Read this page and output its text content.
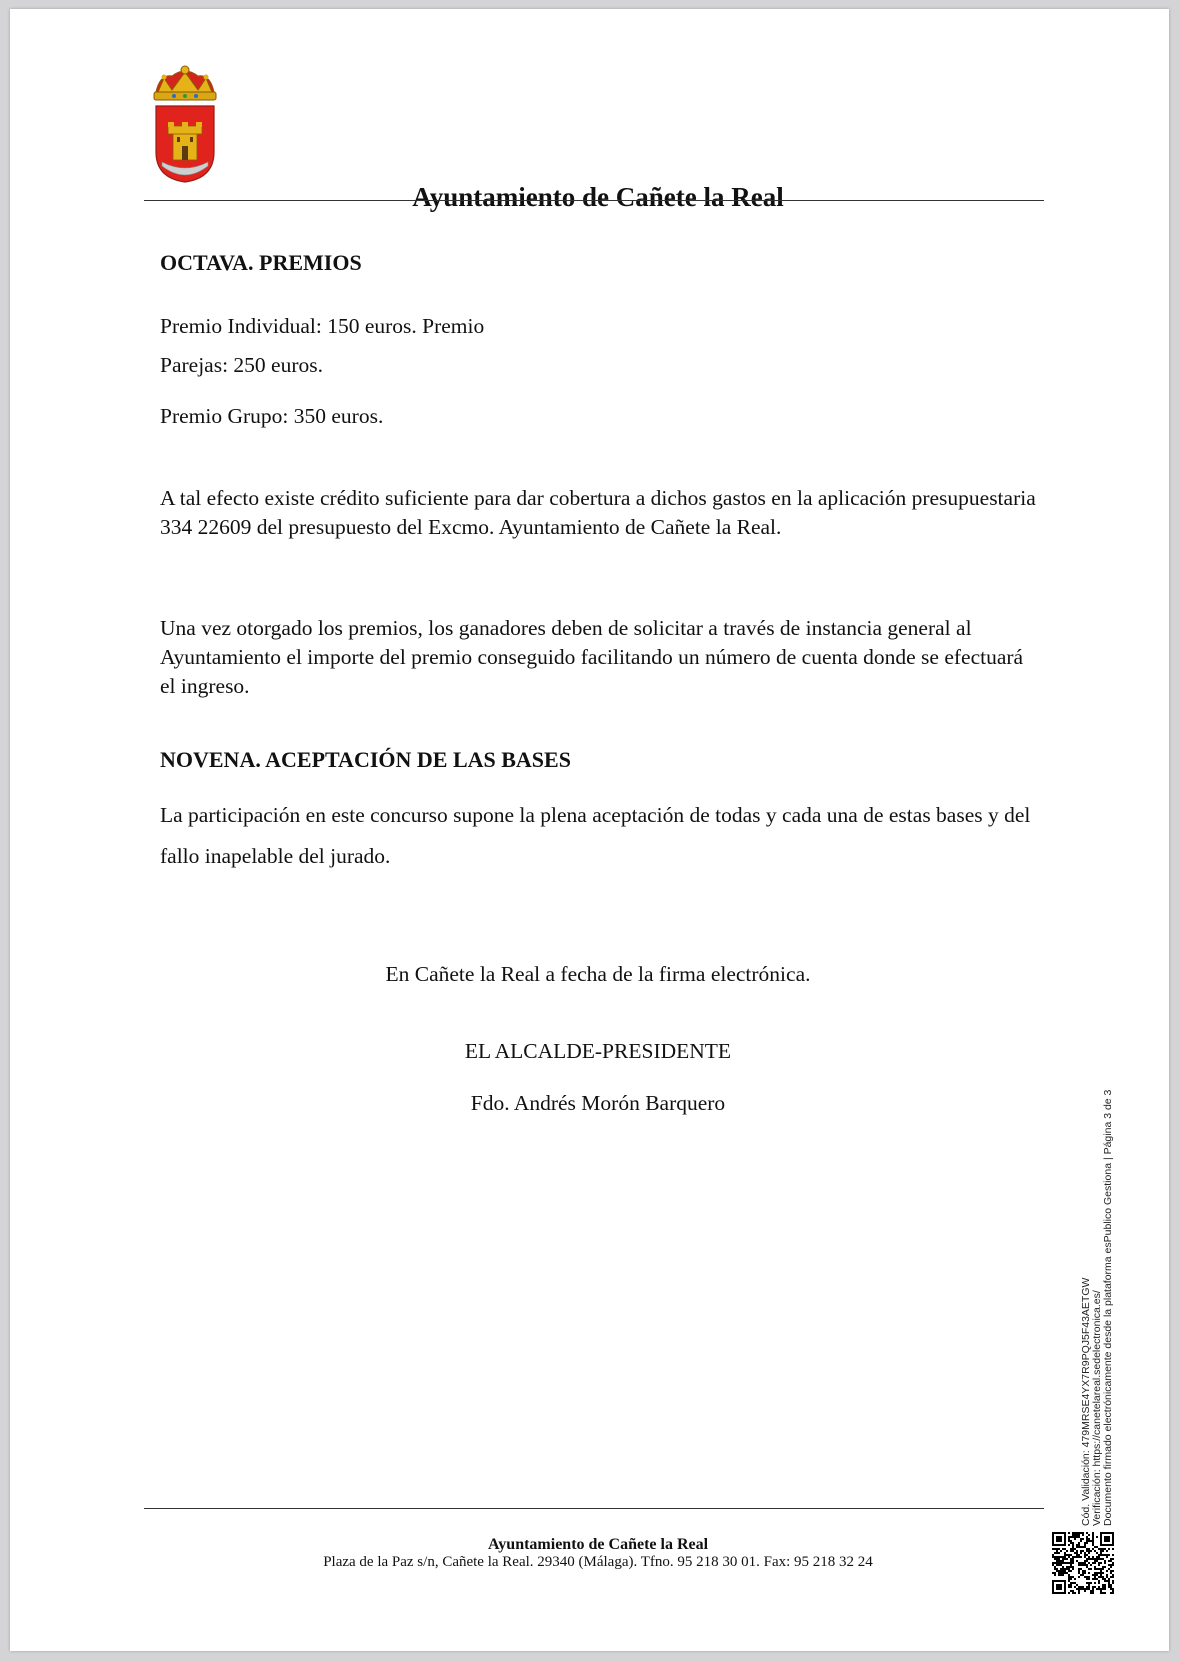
Ayuntamiento de Cañete la Real
OCTAVA. PREMIOS

Premio Individual: 150 euros. Premio

Parejas: 250 euros.

Premio Grupo: 350 euros.

A tal efecto existe crédito suficiente para dar cobertura a dichos gastos en la aplicación presupuestaria 334 22609 del presupuesto del Excmo. Ayuntamiento de Cañete la Real.

Una vez otorgado los premios, los ganadores deben de solicitar a través de instancia general al Ayuntamiento el importe del premio conseguido facilitando un número de cuenta donde se efectuará el ingreso.

NOVENA. ACEPTACIÓN DE LAS BASES

La participación en este concurso supone la plena aceptación de todas y cada una de estas bases y del fallo inapelable del jurado.

En Cañete la Real a fecha de la firma electrónica.
EL ALCALDE-PRESIDENTE
Fdo. Andrés Morón Barquero
Ayuntamiento de Cañete la Real
Plaza de la Paz s/n, Cañete la Real. 29340 (Málaga). Tfno. 95 218 30 01. Fax: 95 218 32 24
Cód. Validación: 479MRSE4YX7R9PQJ5F43AETGW Verificación: https://canetelareal.sedelectronica.es/ Documento firmado electrónicamente desde la plataforma esPublico Gestiona | Página 3 de 3
